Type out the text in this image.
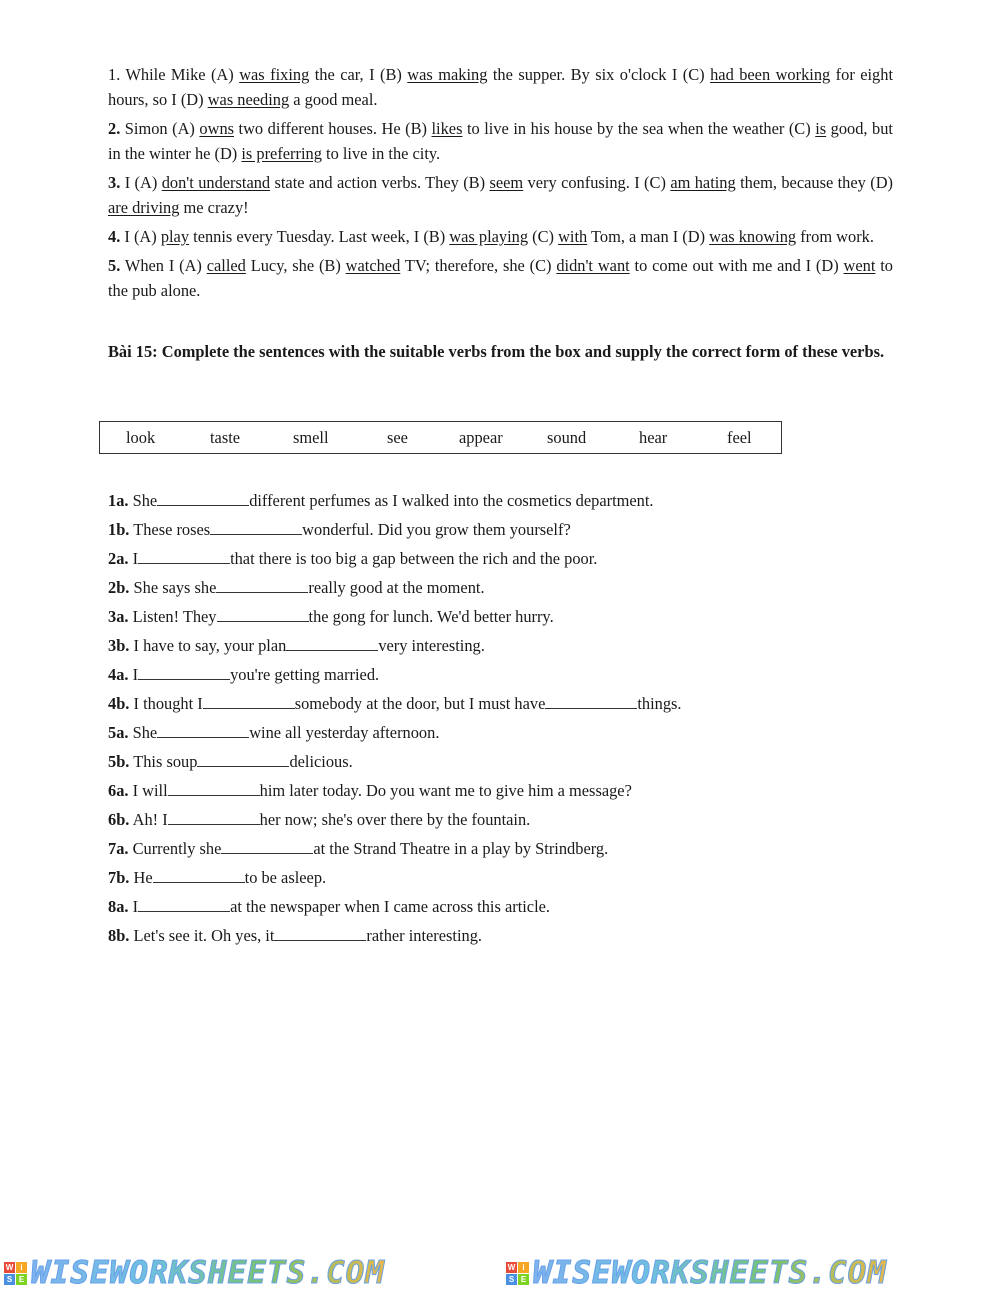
1. While Mike (A) was fixing the car, I (B) was making the supper. By six o'clock I (C) had been working for eight hours, so I (D) was needing a good meal.

2. Simon (A) owns two different houses. He (B) likes to live in his house by the sea when the weather (C) is good, but in the winter he (D) is preferring to live in the city.

3. I (A) don't understand state and action verbs. They (B) seem very confusing. I (C) am hating them, because they (D) are driving me crazy!

4. I (A) play tennis every Tuesday. Last week, I (B) was playing (C) with Tom, a man I (D) was knowing from work.

5. When I (A) called Lucy, she (B) watched TV; therefore, she (C) didn't want to come out with me and I (D) went to the pub alone.

Bài 15: Complete the sentences with the suitable verbs from the box and supply the correct form of these verbs.
look	taste	smell	see	appear	sound	hear	feel
1a. She	different perfumes as I walked into the cosmetics department.
1b. These roses	wonderful. Did you grow them yourself?
2a. I	that there is too big a gap between the rich and the poor.
2b. She says she	really good at the moment.
3a. Listen! They	the gong for lunch. We'd better hurry.
3b. I have to say, your plan	very interesting.
4a. I	you're getting married.
4b. I thought I	somebody at the door, but I must have	things.
5a. She	wine all yesterday afternoon.
5b. This soup	delicious.
6a. I will	him later today. Do you want me to give him a message?
6b. Ah! I	her now; she's over there by the fountain.
7a. Currently she	at the Strand Theatre in a play by Strindberg.
7b. He	to be asleep.
8a. I	at the newspaper when I came across this article.
8b. Let's see it. Oh yes, it	rather interesting.
W i
S E WISEWORKSHEETS.COM	W i
S E WISEWORKSHEETS.COM
